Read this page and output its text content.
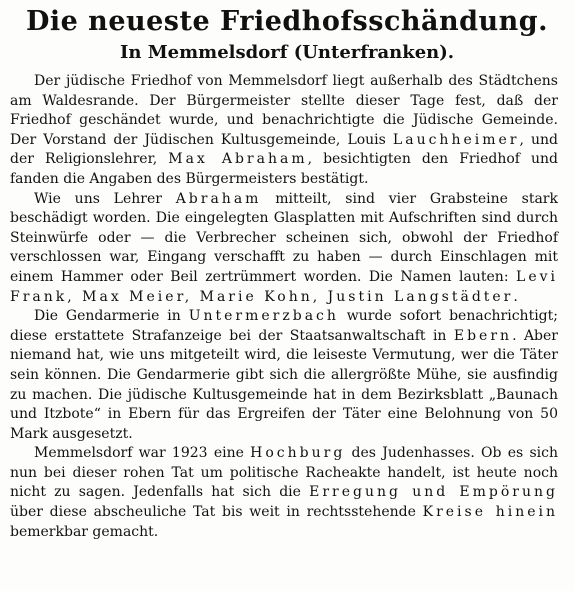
Die neueste Friedhofsschändung.
In Memmelsdorf (Unterfranken).

Der jüdische Friedhof von Memmelsdorf liegt außerhalb des Städtchens am Waldesrande. Der Bürgermeister stellte dieser Tage fest, daß der Friedhof geschändet wurde, und benachrichtigte die Jüdische Gemeinde. Der Vorstand der Jüdischen Kultusgemeinde, Louis Lauchheimer, und der Religionslehrer, Max Abraham, besichtigten den Friedhof und fanden die Angaben des Bürgermeisters bestätigt.

Wie uns Lehrer Abraham mitteilt, sind vier Grabsteine stark beschädigt worden. Die eingelegten Glasplatten mit Aufschriften sind durch Steinwürfe oder — die Verbrecher scheinen sich, obwohl der Friedhof verschlossen war, Eingang verschafft zu haben — durch Einschlagen mit einem Hammer oder Beil zertrümmert worden. Die Namen lauten: Levi Frank, Max Meier, Marie Kohn, Justin Langstädter.

Die Gendarmerie in Untermerzbach wurde sofort benachrichtigt; diese erstattete Strafanzeige bei der Staatsanwaltschaft in Ebern. Aber niemand hat, wie uns mitgeteilt wird, die leiseste Vermutung, wer die Täter sein können. Die Gendarmerie gibt sich die allergrößte Mühe, sie ausfindig zu machen. Die jüdische Kultusgemeinde hat in dem Bezirksblatt „Baunach und Itzbote“ in Ebern für das Ergreifen der Täter eine Belohnung von 50 Mark ausgesetzt.

Memmelsdorf war 1923 eine Hochburg des Judenhasses. Ob es sich nun bei dieser rohen Tat um politische Racheakte handelt, ist heute noch nicht zu sagen. Jedenfalls hat sich die Erregung und Empörung über diese abscheuliche Tat bis weit in rechtsstehende Kreise hinein bemerkbar gemacht.
